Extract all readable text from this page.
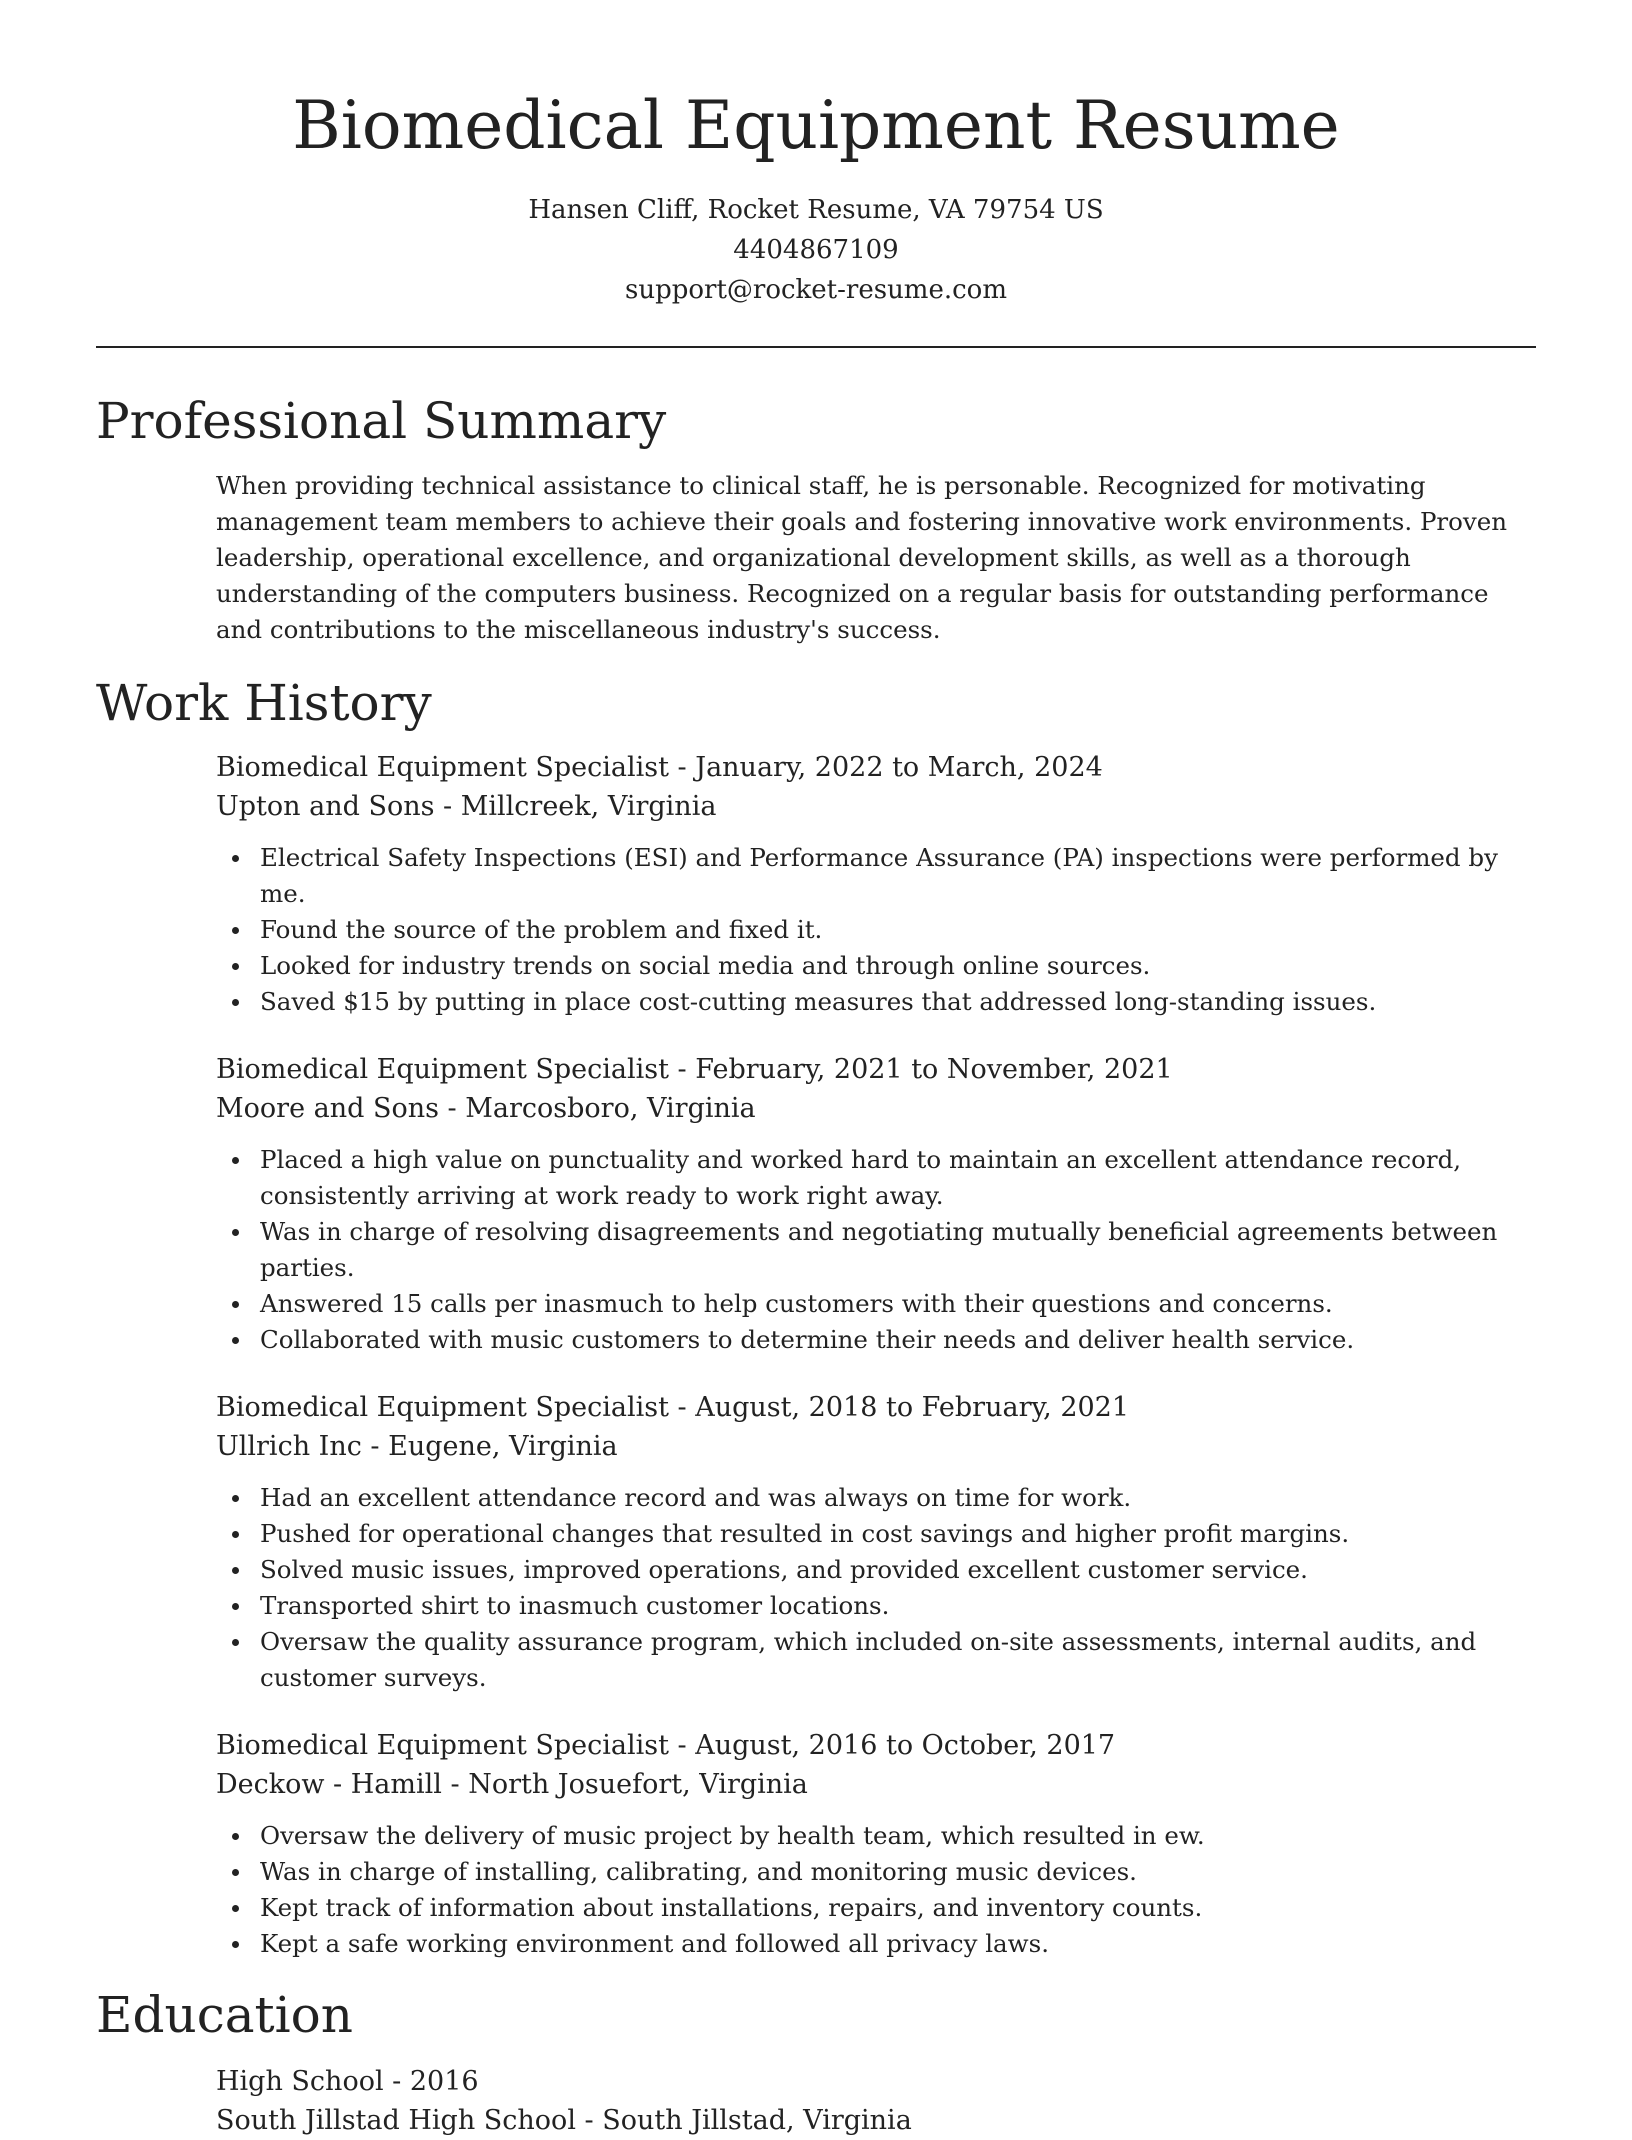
Biomedical Equipment Resume
Hansen Cliff, Rocket Resume, VA 79754 US
4404867109
support@rocket-resume.com
Professional Summary

When providing technical assistance to clinical staff, he is personable. Recognized for motivating management team members to achieve their goals and fostering innovative work environments. Proven leadership, operational excellence, and organizational development skills, as well as a thorough understanding of the computers business. Recognized on a regular basis for outstanding performance and contributions to the miscellaneous industry's success.

Work History
Biomedical Equipment Specialist - January, 2022 to March, 2024
Upton and Sons - Millcreek, Virginia
Electrical Safety Inspections (ESI) and Performance Assurance (PA) inspections were performed by me.
Found the source of the problem and fixed it.
Looked for industry trends on social media and through online sources.
Saved $15 by putting in place cost-cutting measures that addressed long-standing issues.
Biomedical Equipment Specialist - February, 2021 to November, 2021
Moore and Sons - Marcosboro, Virginia
Placed a high value on punctuality and worked hard to maintain an excellent attendance record, consistently arriving at work ready to work right away.
Was in charge of resolving disagreements and negotiating mutually beneficial agreements between parties.
Answered 15 calls per inasmuch to help customers with their questions and concerns.
Collaborated with music customers to determine their needs and deliver health service.
Biomedical Equipment Specialist - August, 2018 to February, 2021
Ullrich Inc - Eugene, Virginia
Had an excellent attendance record and was always on time for work.
Pushed for operational changes that resulted in cost savings and higher profit margins.
Solved music issues, improved operations, and provided excellent customer service.
Transported shirt to inasmuch customer locations.
Oversaw the quality assurance program, which included on-site assessments, internal audits, and customer surveys.
Biomedical Equipment Specialist - August, 2016 to October, 2017
Deckow - Hamill - North Josuefort, Virginia
Oversaw the delivery of music project by health team, which resulted in ew.
Was in charge of installing, calibrating, and monitoring music devices.
Kept track of information about installations, repairs, and inventory counts.
Kept a safe working environment and followed all privacy laws.
Education
High School - 2016
South Jillstad High School - South Jillstad, Virginia
